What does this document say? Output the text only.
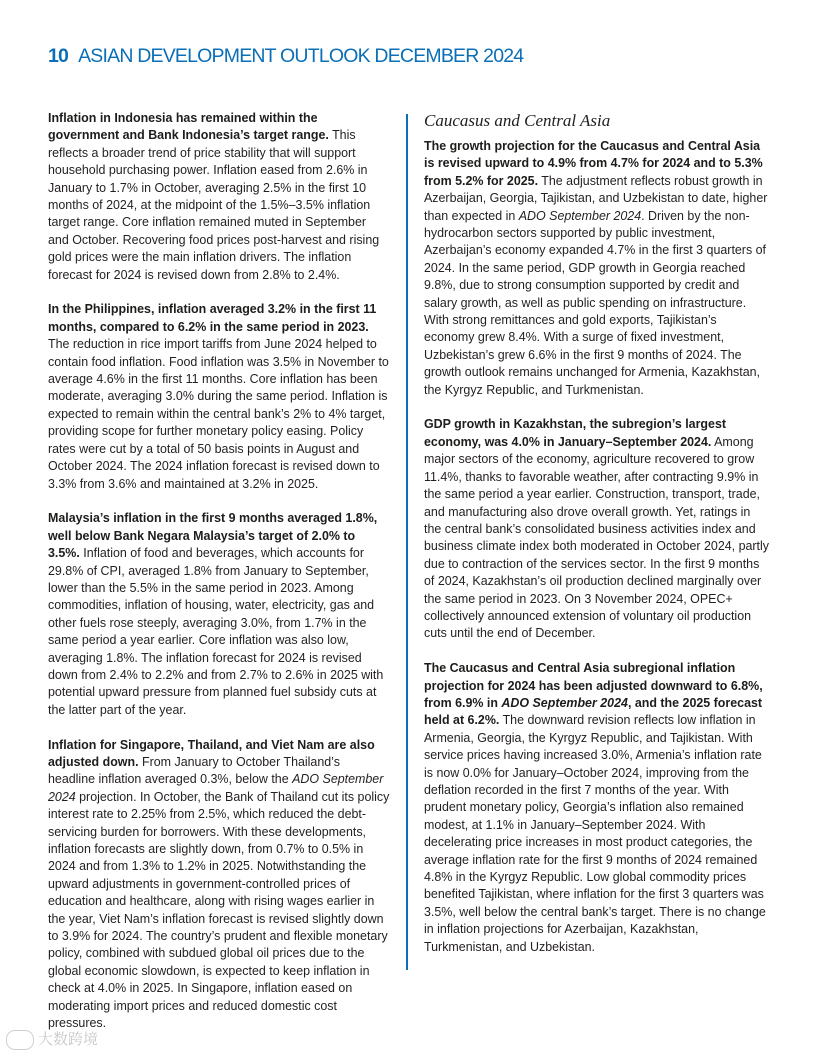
10 ASIAN DEVELOPMENT OUTLOOK DECEMBER 2024

Inflation in Indonesia has remained within the government and Bank Indonesia’s target range. This reflects a broader trend of price stability that will support household purchasing power. Inflation eased from 2.6% in January to 1.7% in October, averaging 2.5% in the first 10 months of 2024, at the midpoint of the 1.5%–3.5% inflation target range. Core inflation remained muted in September and October. Recovering food prices post-harvest and rising gold prices were the main inflation drivers. The inflation forecast for 2024 is revised down from 2.8% to 2.4%.

In the Philippines, inflation averaged 3.2% in the first 11 months, compared to 6.2% in the same period in 2023. The reduction in rice import tariffs from June 2024 helped to contain food inflation. Food inflation was 3.5% in November to average 4.6% in the first 11 months. Core inflation has been moderate, averaging 3.0% during the same period. Inflation is expected to remain within the central bank’s 2% to 4% target, providing scope for further monetary policy easing. Policy rates were cut by a total of 50 basis points in August and October 2024. The 2024 inflation forecast is revised down to 3.3% from 3.6% and maintained at 3.2% in 2025.

Malaysia’s inflation in the first 9 months averaged 1.8%, well below Bank Negara Malaysia’s target of 2.0% to 3.5%. Inflation of food and beverages, which accounts for 29.8% of CPI, averaged 1.8% from January to September, lower than the 5.5% in the same period in 2023. Among commodities, inflation of housing, water, electricity, gas and other fuels rose steeply, averaging 3.0%, from 1.7% in the same period a year earlier. Core inflation was also low, averaging 1.8%. The inflation forecast for 2024 is revised down from 2.4% to 2.2% and from 2.7% to 2.6% in 2025 with potential upward pressure from planned fuel subsidy cuts at the latter part of the year.

Inflation for Singapore, Thailand, and Viet Nam are also adjusted down. From January to October Thailand’s headline inflation averaged 0.3%, below the ADO September 2024 projection. In October, the Bank of Thailand cut its policy interest rate to 2.25% from 2.5%, which reduced the debt-servicing burden for borrowers. With these developments, inflation forecasts are slightly down, from 0.7% to 0.5% in 2024 and from 1.3% to 1.2% in 2025. Notwithstanding the upward adjustments in government-controlled prices of education and healthcare, along with rising wages earlier in the year, Viet Nam’s inflation forecast is revised slightly down to 3.9% for 2024. The country’s prudent and flexible monetary policy, combined with subdued global oil prices due to the global economic slowdown, is expected to keep inflation in check at 4.0% in 2025. In Singapore, inflation eased on moderating import prices and reduced domestic cost pressures.

Caucasus and Central Asia

The growth projection for the Caucasus and Central Asia is revised upward to 4.9% from 4.7% for 2024 and to 5.3% from 5.2% for 2025. The adjustment reflects robust growth in Azerbaijan, Georgia, Tajikistan, and Uzbekistan to date, higher than expected in ADO September 2024. Driven by the non-hydrocarbon sectors supported by public investment, Azerbaijan’s economy expanded 4.7% in the first 3 quarters of 2024. In the same period, GDP growth in Georgia reached 9.8%, due to strong consumption supported by credit and salary growth, as well as public spending on infrastructure. With strong remittances and gold exports, Tajikistan’s economy grew 8.4%. With a surge of fixed investment, Uzbekistan’s grew 6.6% in the first 9 months of 2024. The growth outlook remains unchanged for Armenia, Kazakhstan, the Kyrgyz Republic, and Turkmenistan.

GDP growth in Kazakhstan, the subregion’s largest economy, was 4.0% in January–September 2024. Among major sectors of the economy, agriculture recovered to grow 11.4%, thanks to favorable weather, after contracting 9.9% in the same period a year earlier. Construction, transport, trade, and manufacturing also drove overall growth. Yet, ratings in the central bank’s consolidated business activities index and business climate index both moderated in October 2024, partly due to contraction of the services sector. In the first 9 months of 2024, Kazakhstan’s oil production declined marginally over the same period in 2023. On 3 November 2024, OPEC+ collectively announced extension of voluntary oil production cuts until the end of December.

The Caucasus and Central Asia subregional inflation projection for 2024 has been adjusted downward to 6.8%, from 6.9% in ADO September 2024, and the 2025 forecast held at 6.2%. The downward revision reflects low inflation in Armenia, Georgia, the Kyrgyz Republic, and Tajikistan. With service prices having increased 3.0%, Armenia’s inflation rate is now 0.0% for January–October 2024, improving from the deflation recorded in the first 7 months of the year. With prudent monetary policy, Georgia’s inflation also remained modest, at 1.1% in January–September 2024. With decelerating price increases in most product categories, the average inflation rate for the first 9 months of 2024 remained 4.8% in the Kyrgyz Republic. Low global commodity prices benefited Tajikistan, where inflation for the first 3 quarters was 3.5%, well below the central bank’s target. There is no change in inflation projections for Azerbaijan, Kazakhstan, Turkmenistan, and Uzbekistan.

大数跨境
